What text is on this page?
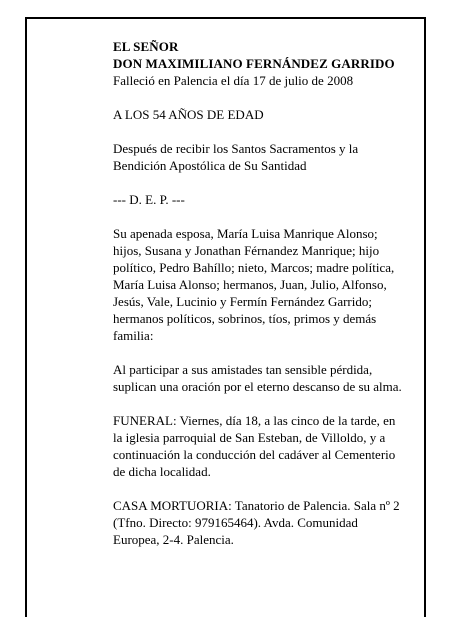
EL SEÑOR
DON MAXIMILIANO FERNÁNDEZ GARRIDO
Falleció en Palencia el día 17 de julio de 2008
A LOS 54 AÑOS DE EDAD
Después de recibir los Santos Sacramentos y la
Bendición Apostólica de Su Santidad
--- D. E. P. ---
Su apenada esposa, María Luisa Manrique Alonso;
hijos, Susana y Jonathan Férnandez Manrique; hijo
político, Pedro Bahíllo; nieto, Marcos; madre política,
María Luisa Alonso; hermanos, Juan, Julio, Alfonso,
Jesús, Vale, Lucinio y Fermín Fernández Garrido;
hermanos políticos, sobrinos, tíos, primos y demás
familia:
Al participar a sus amistades tan sensible pérdida,
suplican una oración por el eterno descanso de su alma.
FUNERAL: Viernes, día 18, a las cinco de la tarde, en
la iglesia parroquial de San Esteban, de Villoldo, y a
continuación la conducción del cadáver al Cementerio
de dicha localidad.
CASA MORTUORIA: Tanatorio de Palencia. Sala nº 2
(Tfno. Directo: 979165464). Avda. Comunidad
Europea, 2-4. Palencia.
